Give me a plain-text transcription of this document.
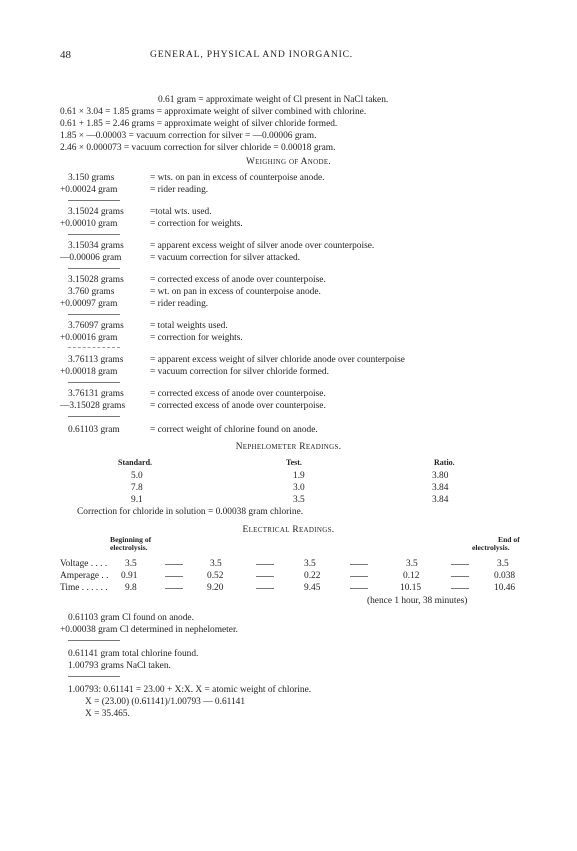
48	GENERAL, PHYSICAL AND INORGANIC.
0.61 gram = approximate weight of Cl present in NaCl taken.
0.61 × 3.04 = 1.85 grams = approximate weight of silver combined with chlorine.
0.61 + 1.85 = 2.46 grams = approximate weight of silver chloride formed.
1.85 × —0.00003 = vacuum correction for silver = —0.00006 gram.
2.46 × 0.000073 = vacuum correction for silver chloride = 0.00018 gram.
Weighing of Anode.
3.150 grams	= wts. on pan in excess of counterpoise anode.
+0.00024 gram	= rider reading.
3.15024 grams	=total wts. used.
+0.00010 gram	= correction for weights.
3.15034 grams	= apparent excess weight of silver anode over counterpoise.
—0.00006 gram	= vacuum correction for silver attacked.
3.15028 grams	= corrected excess of anode over counterpoise.
3.760 grams	= wt. on pan in excess of counterpoise anode.
+0.00097 gram	= rider reading.
3.76097 grams	= total weights used.
+0.00016 gram	= correction for weights.
3.76113 grams	= apparent excess weight of silver chloride anode over counterpoise
+0.00018 gram	= vacuum correction for silver chloride formed.
3.76131 grams	= corrected excess of anode over counterpoise.
—3.15028 grams	= corrected excess of anode over counterpoise.
0.61103 gram	= correct weight of chlorine found on anode.
Nephelometer Readings.
Standard.	Test.	Ratio.
5.0	1.9	3.80
7.8	3.0	3.84
9.1	3.5	3.84
Correction for chloride in solution = 0.00038 gram chlorine.
Electrical Readings.
Beginning of
electrolysis.
End of
electrolysis.
Voltage . . . . 3.5	3.5	3.5	3.5	3.5
Amperage . . 0.91	0.52	0.22	0.12	0.038
Time . . . . . . 9.8	9.20	9.45	10.15	10.46
(hence 1 hour, 38 minutes)
0.61103 gram Cl found on anode.
+0.00038 gram Cl determined in nephelometer.
0.61141 gram total chlorine found.
1.00793 grams NaCl taken.
1.00793: 0.61141 = 23.00 + X:X. X = atomic weight of chlorine.
X = (23.00) (0.61141)/1.00793 — 0.61141
X = 35.465.
